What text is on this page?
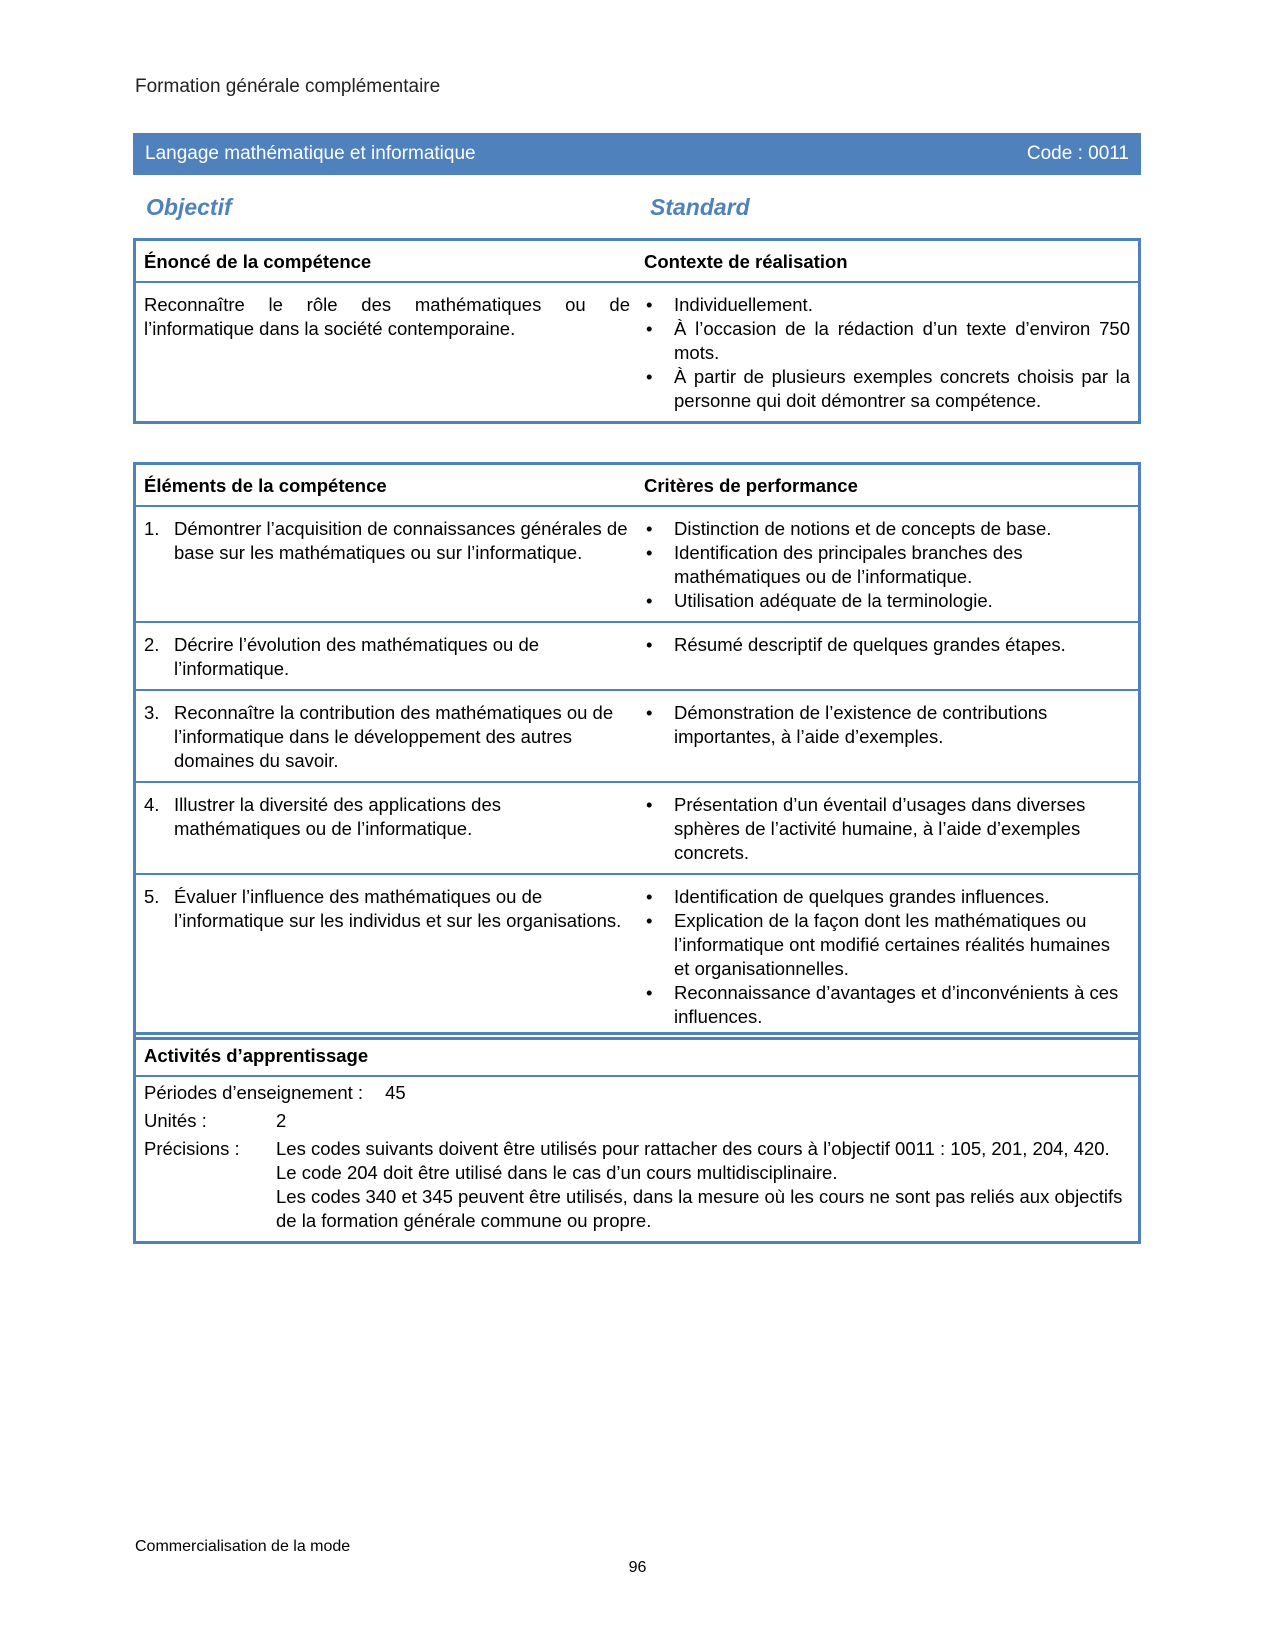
Formation générale complémentaire
Langage mathématique et informatique	Code : 0011
Objectif	Standard
Énoncé de la compétence	Contexte de réalisation
Reconnaître le rôle des mathématiques ou de l’informatique dans la société contemporaine.
• Individuellement.
• À l’occasion de la rédaction d’un texte d’environ 750 mots.
• À partir de plusieurs exemples concrets choisis par la personne qui doit démontrer sa compétence.
Éléments de la compétence	Critères de performance
1. Démontrer l’acquisition de connaissances générales de base sur les mathématiques ou sur l’informatique.
• Distinction de notions et de concepts de base.
• Identification des principales branches des mathématiques ou de l’informatique.
• Utilisation adéquate de la terminologie.
2. Décrire l’évolution des mathématiques ou de l’informatique.
• Résumé descriptif de quelques grandes étapes.
3. Reconnaître la contribution des mathématiques ou de l’informatique dans le développement des autres domaines du savoir.
• Démonstration de l’existence de contributions importantes, à l’aide d’exemples.
4. Illustrer la diversité des applications des mathématiques ou de l’informatique.
• Présentation d’un éventail d’usages dans diverses sphères de l’activité humaine, à l’aide d’exemples concrets.
5. Évaluer l’influence des mathématiques ou de l’informatique sur les individus et sur les organisations.
• Identification de quelques grandes influences.
• Explication de la façon dont les mathématiques ou l’informatique ont modifié certaines réalités humaines et organisationnelles.
• Reconnaissance d’avantages et d’inconvénients à ces influences.
Activités d’apprentissage
Périodes d’enseignement : 45
Unités :	2
Précisions :	Les codes suivants doivent être utilisés pour rattacher des cours à l’objectif 0011 : 105, 201, 204, 420.
Le code 204 doit être utilisé dans le cas d’un cours multidisciplinaire.
Les codes 340 et 345 peuvent être utilisés, dans la mesure où les cours ne sont pas reliés aux objectifs de la formation générale commune ou propre.
Commercialisation de la mode
96
